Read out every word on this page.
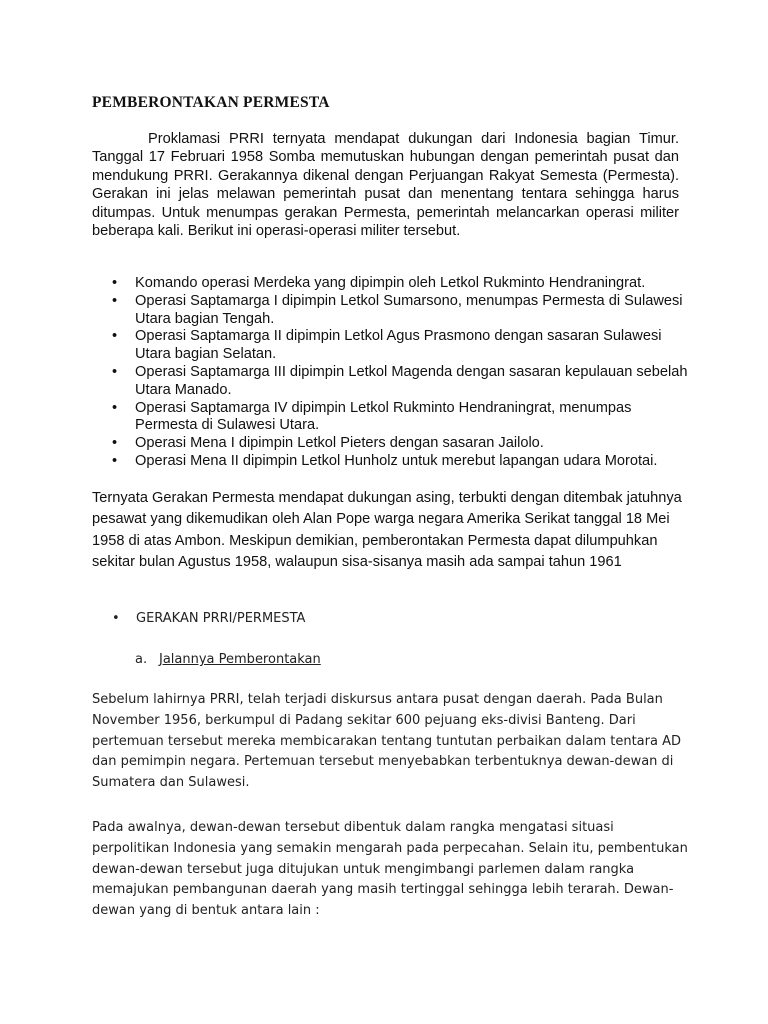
PEMBERONTAKAN PERMESTA

Proklamasi PRRI ternyata mendapat dukungan dari Indonesia bagian Timur. Tanggal 17 Februari 1958 Somba memutuskan hubungan dengan pemerintah pusat dan mendukung PRRI. Gerakannya dikenal dengan Perjuangan Rakyat Semesta (Permesta). Gerakan ini jelas melawan pemerintah pusat dan menentang tentara sehingga harus ditumpas. Untuk menumpas gerakan Permesta, pemerintah melancarkan operasi militer beberapa kali. Berikut ini operasi-operasi militer tersebut.

• Komando operasi Merdeka yang dipimpin oleh Letkol Rukminto Hendraningrat.
• Operasi Saptamarga I dipimpin Letkol Sumarsono, menumpas Permesta di Sulawesi Utara bagian Tengah.
• Operasi Saptamarga II dipimpin Letkol Agus Prasmono dengan sasaran Sulawesi Utara bagian Selatan.
• Operasi Saptamarga III dipimpin Letkol Magenda dengan sasaran kepulauan sebelah Utara Manado.
• Operasi Saptamarga IV dipimpin Letkol Rukminto Hendraningrat, menumpas Permesta di Sulawesi Utara.
• Operasi Mena I dipimpin Letkol Pieters dengan sasaran Jailolo.
• Operasi Mena II dipimpin Letkol Hunholz untuk merebut lapangan udara Morotai.

Ternyata Gerakan Permesta mendapat dukungan asing, terbukti dengan ditembak jatuhnya pesawat yang dikemudikan oleh Alan Pope warga negara Amerika Serikat tanggal 18 Mei 1958 di atas Ambon. Meskipun demikian, pemberontakan Permesta dapat dilumpuhkan sekitar bulan Agustus 1958, walaupun sisa-sisanya masih ada sampai tahun 1961

• GERAKAN PRRI/PERMESTA
a. Jalannya Pemberontakan

Sebelum lahirnya PRRI, telah terjadi diskursus antara pusat dengan daerah. Pada Bulan November 1956, berkumpul di Padang sekitar 600 pejuang eks-divisi Banteng. Dari pertemuan tersebut mereka membicarakan tentang tuntutan perbaikan dalam tentara AD dan pemimpin negara. Pertemuan tersebut menyebabkan terbentuknya dewan-dewan di Sumatera dan Sulawesi.

Pada awalnya, dewan-dewan tersebut dibentuk dalam rangka mengatasi situasi perpolitikan Indonesia yang semakin mengarah pada perpecahan. Selain itu, pembentukan dewan-dewan tersebut juga ditujukan untuk mengimbangi parlemen dalam rangka memajukan pembangunan daerah yang masih tertinggal sehingga lebih terarah. Dewan-dewan yang di bentuk antara lain :
